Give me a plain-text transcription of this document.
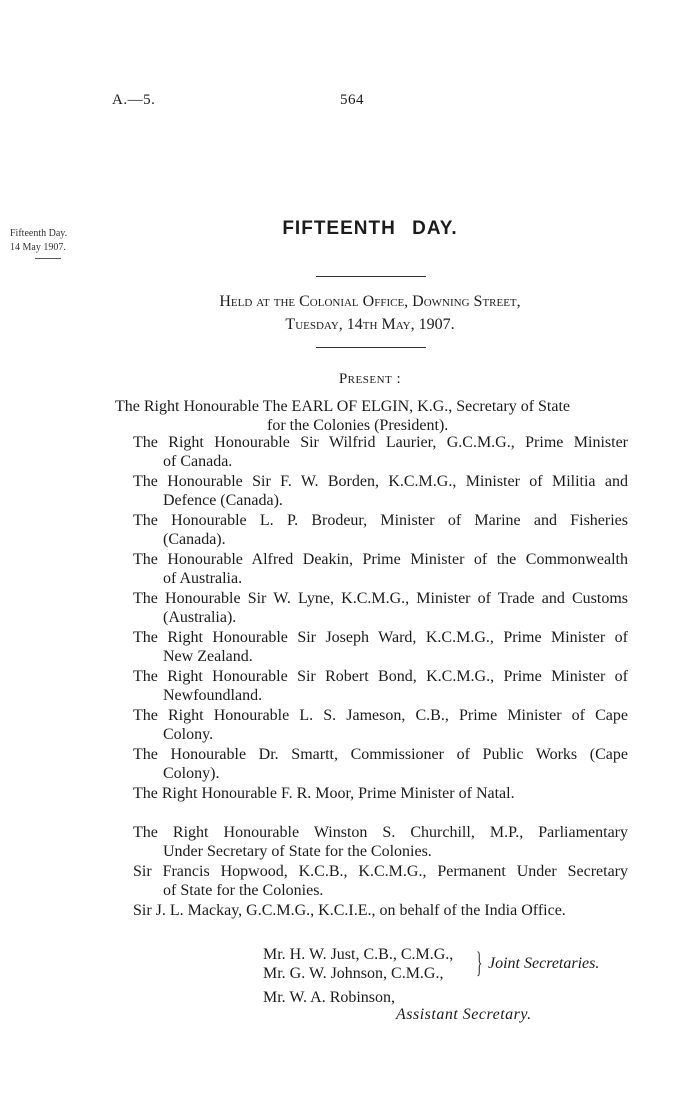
A.—5.	564
Fifteenth Day.
14 May 1907.
FIFTEENTH DAY.
Held at the Colonial Office, Downing Street,
Tuesday, 14th May, 1907.
Present :
The Right Honourable The EARL OF ELGIN, K.G., Secretary of State
for the Colonies (President).
The Right Honourable Sir Wilfrid Laurier, G.C.M.G., Prime Minister
of Canada.
The Honourable Sir F. W. Borden, K.C.M.G., Minister of Militia and
Defence (Canada).
The Honourable L. P. Brodeur, Minister of Marine and Fisheries
(Canada).
The Honourable Alfred Deakin, Prime Minister of the Commonwealth
of Australia.
The Honourable Sir W. Lyne, K.C.M.G., Minister of Trade and Customs
(Australia).
The Right Honourable Sir Joseph Ward, K.C.M.G., Prime Minister of
New Zealand.
The Right Honourable Sir Robert Bond, K.C.M.G., Prime Minister of
Newfoundland.
The Right Honourable L. S. Jameson, C.B., Prime Minister of Cape
Colony.
The Honourable Dr. Smartt, Commissioner of Public Works (Cape
Colony).
The Right Honourable F. R. Moor, Prime Minister of Natal.
The Right Honourable Winston S. Churchill, M.P., Parliamentary
Under Secretary of State for the Colonies.
Sir Francis Hopwood, K.C.B., K.C.M.G., Permanent Under Secretary
of State for the Colonies.
Sir J. L. Mackay, G.C.M.G., K.C.I.E., on behalf of the India Office.
Mr. H. W. Just, C.B., C.M.G.,
Mr. G. W. Johnson, C.M.G., } Joint Secretaries.
Mr. W. A. Robinson,
Assistant Secretary.
